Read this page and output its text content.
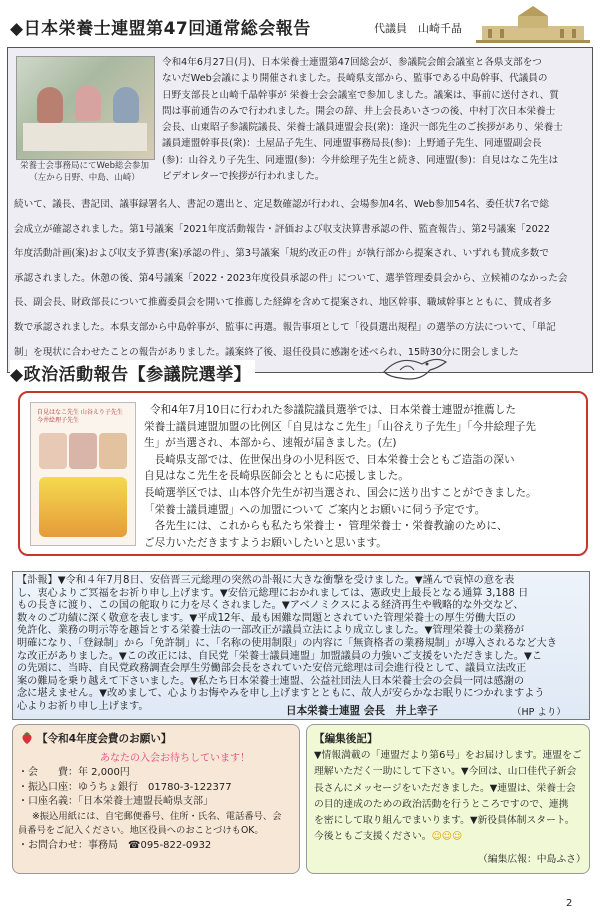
◆日本栄養士連盟第47回通常総会報告	代議員　山崎千晶
栄養士会事務局にてWeb総会参加
（左から日野、中島、山崎）
令和4年6月27日(月)、日本栄養士連盟第47回総会が、参議院会館会議室と各県支部をつ
ないだWeb会議により開催されました。長崎県支部から、監事である中島幹事、代議員の
日野支部長と山崎千晶幹事が 栄養士会会議室で参加しました。議案は、事前に送付され、質
問は事前通告のみで行われました。開会の辞、井上会長あいさつの後、中村丁次日本栄養士
会長、山東昭子参議院議長、栄養士議員連盟会長(衆)：逢沢一郎先生のご挨拶があり、栄養士
議員連盟幹事長(衆)：土屋品子先生、同連盟事務局長(参)：上野通子先生、同連盟副会長
(参)：山谷えり子先生、同連盟(参)：今井絵理子先生と続き、同連盟(参)：自見はなこ先生は
ビデオレターで挨拶が行われました。
続いて、議長、書記団、議事録署名人、書記の選出と、定足数確認が行われ、会場参加4名、Web参加54名、委任状7名で総
会成立が確認されました。第1号議案「2021年度活動報告・評価および収支決算書承認の件、監査報告」、第2号議案「2022
年度活動計画(案)および収支予算書(案)承認の件」、第3号議案「規約改正の件」が執行部から提案され、いずれも賛成多数で
承認されました。休憩の後、第4号議案「2022・2023年度役員承認の件」について、選挙管理委員会から、立候補のなかった会
長、副会長、財政部長について推薦委員会を開いて推薦した経緯を含めて提案され、地区幹事、職域幹事とともに、賛成者多
数で承認されました。本県支部から中島幹事が、監事に再選。報告事項として「役員選出規程」の選挙の方法について、「単記
制」を現状に合わせたことの報告がありました。議案終了後、退任役員に感謝を述べられ、15時30分に閉会しました
◆政治活動報告【参議院選挙】
自見はなこ先生 山谷えり子先生 今井絵理子先生
令和4年7月10日に行われた参議院議員選挙では、日本栄養士連盟が推薦した
栄養士議員連盟加盟の比例区「自見はなこ先生」「山谷えり子先生」「今井絵理子先
生」が当選され、本部から、速報が届きました。(左)
　長崎県支部では、佐世保出身の小児科医で、日本栄養士会ともご造詣の深い
自見はなこ先生を長崎県医師会とともに応援しました。
長崎選挙区では、山本啓介先生が初当選され、国会に送り出すことができました。
「栄養士議員連盟」への加盟について ご案内とお願いに伺う予定です。
　各先生には、これからも私たち栄養士・ 管理栄養士・栄養教諭のために、
ご尽力いただきますようお願いしたいと思います。
【訃報】▼令和４年7月8日、安倍晋三元総理の突然の訃報に大きな衝撃を受けました。▼謹んで哀悼の意を表
し、衷心よりご冥福をお祈り申し上げます。▼安倍元総理におかれましては、憲政史上最長となる通算 3,188 日
もの長きに渡り、この国の舵取りに力を尽くされました。▼アベノミクスによる経済再生や戦略的な外交など、
数々のご功績に深く敬意を表します。▼平成12年、最も困難な問題とされていた管理栄養士の厚生労働大臣の
免許化、業務の明示等を趣旨とする栄養士法の一部改正が議員立法により成立しました。▼管理栄養士の業務が
明確になり、「登録制」から「免許制」に、「名称の使用制限」の内容に「無資格者の業務規制」が導入されるなど大き
な改正がありました。▼この改正には、自民党「栄養士議員連盟」加盟議員の力強いご支援をいただきました。▼こ
の先頭に、当時、自民党政務調査会厚生労働部会長をされていた安倍元総理は司会進行役として、議員立法改正
案の難局を乗り越えて下さいました。▼私たち日本栄養士連盟、公益社団法人日本栄養士会の会員一同は感謝の
念に堪えません。▼改めまして、心よりお悔やみを申し上げますとともに、故人が安らかなお眠りにつかれますよう
心よりお祈り申し上げます。	日本栄養士連盟 会長　井上幸子	（HP より）
【令和4年度会費のお願い】
あなたの入会お待ちしています！
・会　　費：年 2,000円
・振込口座：ゆうちょ銀行　01780-3-122377
・口座名義：「日本栄養士連盟長崎県支部」
※振込用紙には、自宅郵便番号、住所・氏名、電話番号、会
員番号をご記入ください。地区役員へのおことづけもOK。
・お問合わせ：事務局　 ☎095-822-0932
【編集後記】
▼情報満載の「連盟だより第6号」をお届けします。連盟をご
理解いただく一助にして下さい。▼今回は、山口佳代子新会
長さんにメッセージをいただきました。▼連盟は、栄養士会
の目的達成のための政治活動を行うところですので、連携
を密にして取り組んでまいります。▼新役員体制スタート。
今後ともご支援ください。☺☺☺
（編集広報：中島ふさ）
2
